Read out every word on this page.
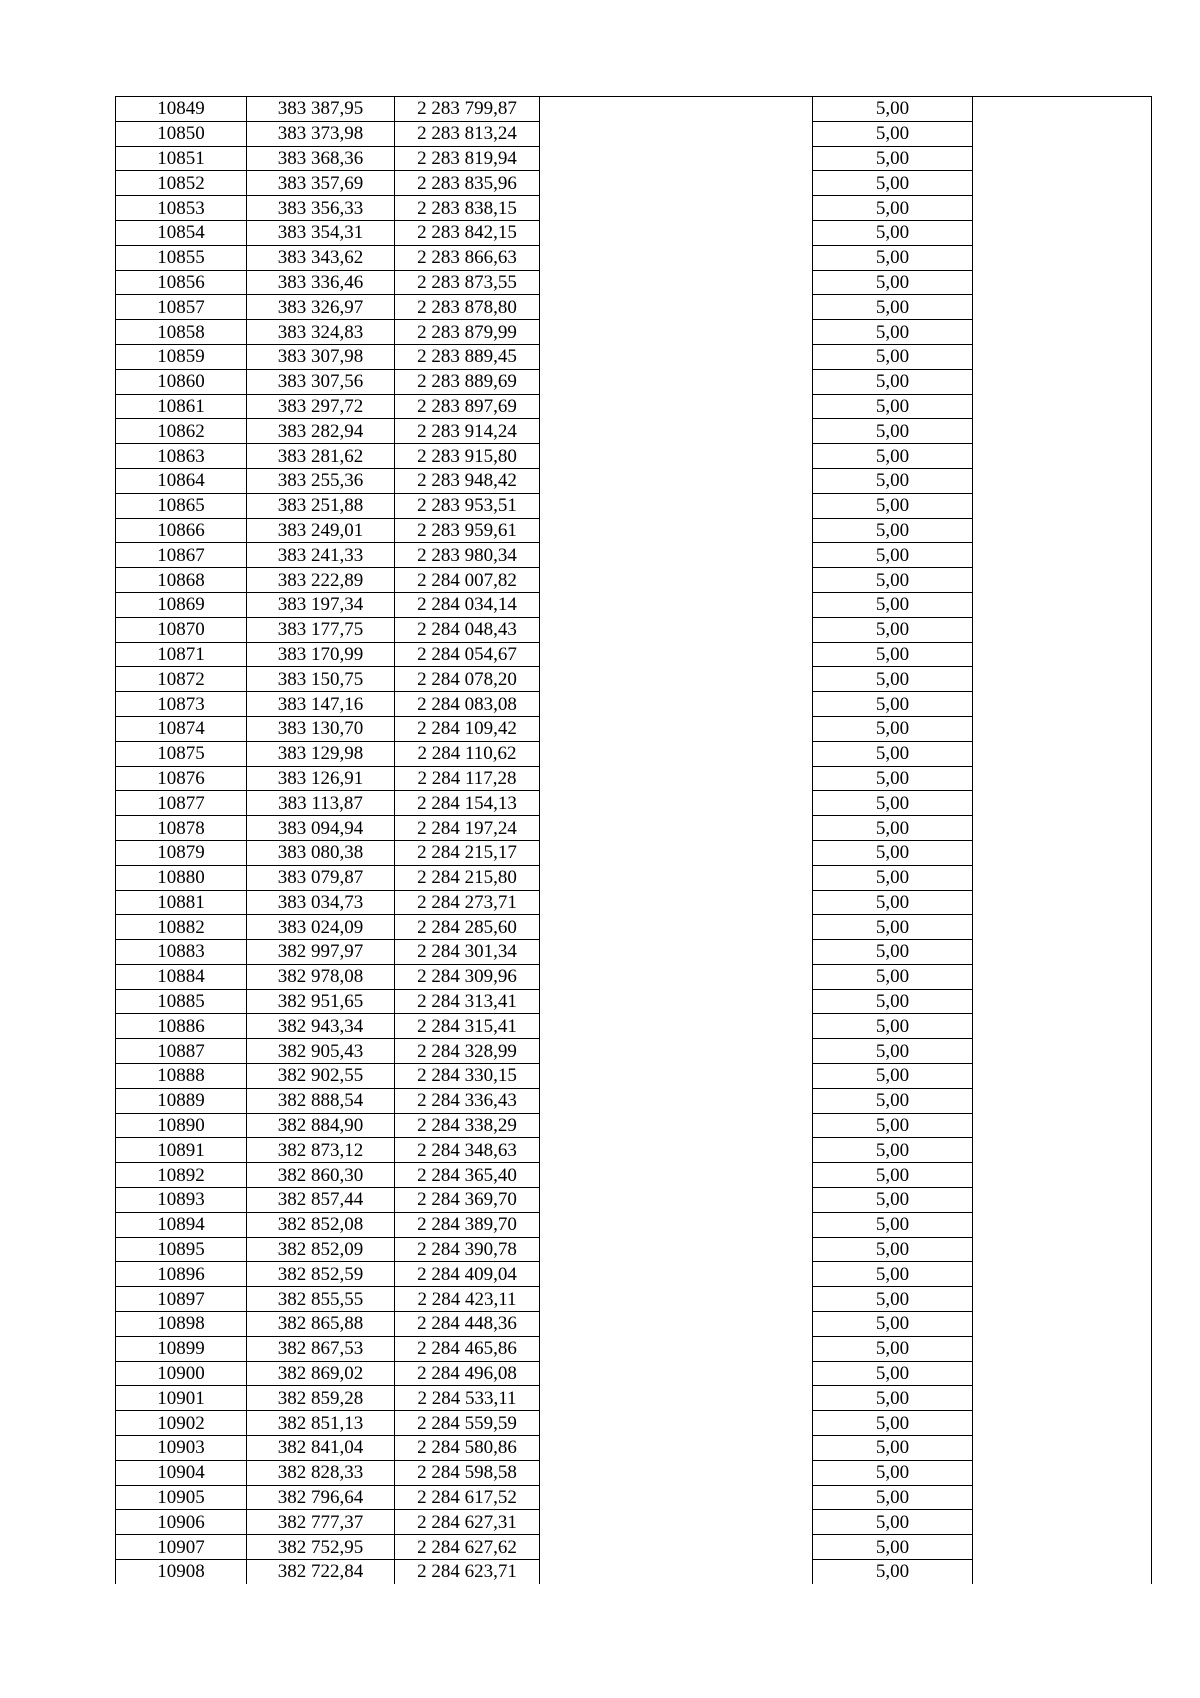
10849	383 387,95	2 283 799,87		5,00	
10850	383 373,98	2 283 813,24		5,00	
10851	383 368,36	2 283 819,94		5,00	
10852	383 357,69	2 283 835,96		5,00	
10853	383 356,33	2 283 838,15		5,00	
10854	383 354,31	2 283 842,15		5,00	
10855	383 343,62	2 283 866,63		5,00	
10856	383 336,46	2 283 873,55		5,00	
10857	383 326,97	2 283 878,80		5,00	
10858	383 324,83	2 283 879,99		5,00	
10859	383 307,98	2 283 889,45		5,00	
10860	383 307,56	2 283 889,69		5,00	
10861	383 297,72	2 283 897,69		5,00	
10862	383 282,94	2 283 914,24		5,00	
10863	383 281,62	2 283 915,80		5,00	
10864	383 255,36	2 283 948,42		5,00	
10865	383 251,88	2 283 953,51		5,00	
10866	383 249,01	2 283 959,61		5,00	
10867	383 241,33	2 283 980,34		5,00	
10868	383 222,89	2 284 007,82		5,00	
10869	383 197,34	2 284 034,14		5,00	
10870	383 177,75	2 284 048,43		5,00	
10871	383 170,99	2 284 054,67		5,00	
10872	383 150,75	2 284 078,20		5,00	
10873	383 147,16	2 284 083,08		5,00	
10874	383 130,70	2 284 109,42		5,00	
10875	383 129,98	2 284 110,62		5,00	
10876	383 126,91	2 284 117,28		5,00	
10877	383 113,87	2 284 154,13		5,00	
10878	383 094,94	2 284 197,24		5,00	
10879	383 080,38	2 284 215,17		5,00	
10880	383 079,87	2 284 215,80		5,00	
10881	383 034,73	2 284 273,71		5,00	
10882	383 024,09	2 284 285,60		5,00	
10883	382 997,97	2 284 301,34		5,00	
10884	382 978,08	2 284 309,96		5,00	
10885	382 951,65	2 284 313,41		5,00	
10886	382 943,34	2 284 315,41		5,00	
10887	382 905,43	2 284 328,99		5,00	
10888	382 902,55	2 284 330,15		5,00	
10889	382 888,54	2 284 336,43		5,00	
10890	382 884,90	2 284 338,29		5,00	
10891	382 873,12	2 284 348,63		5,00	
10892	382 860,30	2 284 365,40		5,00	
10893	382 857,44	2 284 369,70		5,00	
10894	382 852,08	2 284 389,70		5,00	
10895	382 852,09	2 284 390,78		5,00	
10896	382 852,59	2 284 409,04		5,00	
10897	382 855,55	2 284 423,11		5,00	
10898	382 865,88	2 284 448,36		5,00	
10899	382 867,53	2 284 465,86		5,00	
10900	382 869,02	2 284 496,08		5,00	
10901	382 859,28	2 284 533,11		5,00	
10902	382 851,13	2 284 559,59		5,00	
10903	382 841,04	2 284 580,86		5,00	
10904	382 828,33	2 284 598,58		5,00	
10905	382 796,64	2 284 617,52		5,00	
10906	382 777,37	2 284 627,31		5,00	
10907	382 752,95	2 284 627,62		5,00	
10908	382 722,84	2 284 623,71		5,00	
